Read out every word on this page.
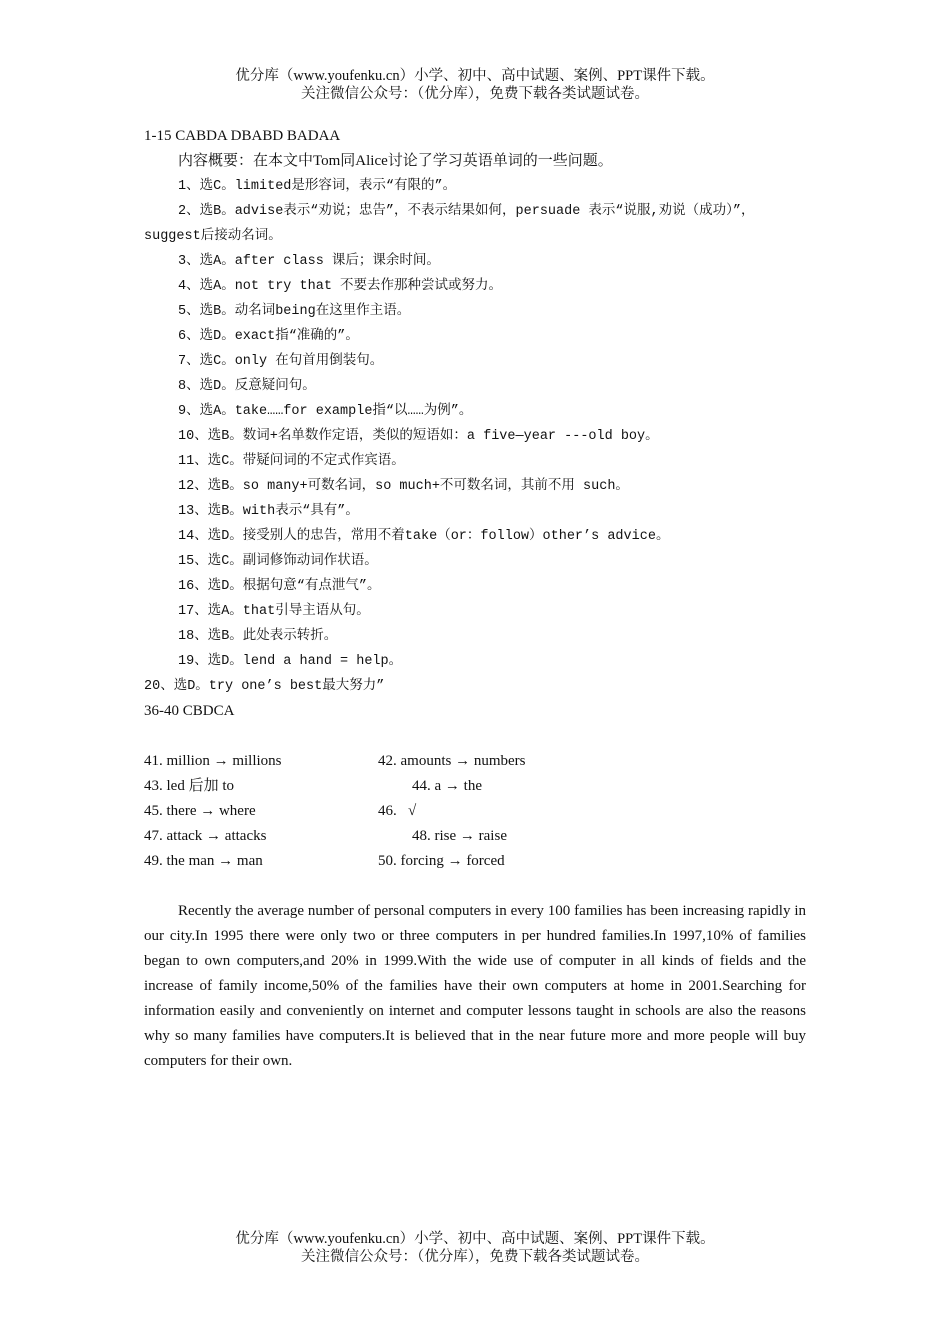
优分库（www.youfenku.cn）小学、初中、高中试题、案例、PPT课件下载。
关注微信公众号：（优分库），免费下载各类试题试卷。
1-15 CABDA DBABD BADAA
内容概要：在本文中Tom同Alice讨论了学习英语单词的一些问题。
1、选C。limited是形容词，表示“有限的”。
2、选B。advise表示“劝说；忠告”，不表示结果如何，persuade 表示“说服,劝说（成功）”，suggest后接动名词。
3、选A。after class 课后；课余时间。
4、选A。not try that 不要去作那种尝试或努力。
5、选B。动名词being在这里作主语。
6、选D。exact指“准确的”。
7、选C。only 在句首用倒装句。
8、选D。反意疑问句。
9、选A。take……for example指“以……为例”。
10、选B。数词+名单数作定语，类似的短语如：a five—year ---old boy。
11、选C。带疑问词的不定式作宾语。
12、选B。so many+可数名词，so much+不可数名词，其前不用 such。
13、选B。with表示“具有”。
14、选D。接受别人的忠告，常用不着take（or：follow）other’s advice。
15、选C。副词修饰动词作状语。
16、选D。根据句意“有点泄气”。
17、选A。that引导主语从句。
18、选B。此处表示转折。
19、选D。lend a hand = help。
20、选D。try one’s best最大努力”
36-40 CBDCA
41. million → millions	42. amounts → numbers
43. led 后加 to	44. a → the
45. there → where	46.   √
47. attack → attacks	48. rise → raise
49. the man → man	50. forcing → forced

Recently the average number of personal computers in every 100 families has been increasing rapidly in our city.In 1995 there were only two or three computers in per hundred families.In 1997,10% of families began to own computers,and 20% in 1999.With the wide use of computer in all kinds of fields and the increase of family income,50% of the families have their own computers at home in 2001.Searching for information easily and conveniently on internet and computer lessons taught in schools are also the reasons why so many families have computers.It is believed that in the near future more and more people will buy computers for their own.

优分库（www.youfenku.cn）小学、初中、高中试题、案例、PPT课件下载。
关注微信公众号：（优分库），免费下载各类试题试卷。
